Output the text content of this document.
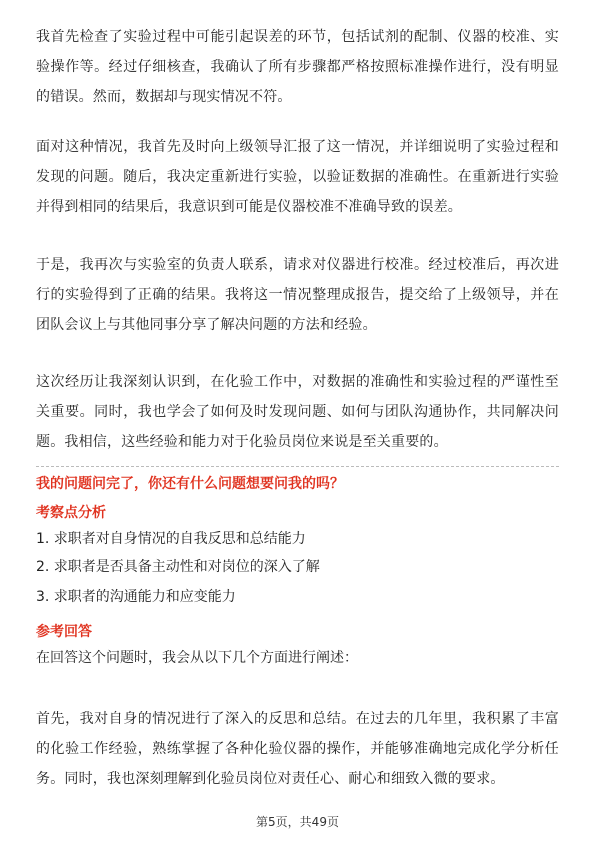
我首先检查了实验过程中可能引起误差的环节，包括试剂的配制、仪器的校准、实验操作等。经过仔细核查，我确认了所有步骤都严格按照标准操作进行，没有明显的错误。然而，数据却与现实情况不符。

面对这种情况，我首先及时向上级领导汇报了这一情况，并详细说明了实验过程和发现的问题。随后，我决定重新进行实验，以验证数据的准确性。在重新进行实验并得到相同的结果后，我意识到可能是仪器校准不准确导致的误差。

于是，我再次与实验室的负责人联系，请求对仪器进行校准。经过校准后，再次进行的实验得到了正确的结果。我将这一情况整理成报告，提交给了上级领导，并在团队会议上与其他同事分享了解决问题的方法和经验。

这次经历让我深刻认识到，在化验工作中，对数据的准确性和实验过程的严谨性至关重要。同时，我也学会了如何及时发现问题、如何与团队沟通协作，共同解决问题。我相信，这些经验和能力对于化验员岗位来说是至关重要的。

我的问题问完了，你还有什么问题想要问我的吗？

考察点分析

1. 求职者对自身情况的自我反思和总结能力

2. 求职者是否具备主动性和对岗位的深入了解

3. 求职者的沟通能力和应变能力

参考回答

在回答这个问题时，我会从以下几个方面进行阐述：

首先，我对自身的情况进行了深入的反思和总结。在过去的几年里，我积累了丰富的化验工作经验，熟练掌握了各种化验仪器的操作，并能够准确地完成化学分析任务。同时，我也深刻理解到化验员岗位对责任心、耐心和细致入微的要求。

第5页，共49页
